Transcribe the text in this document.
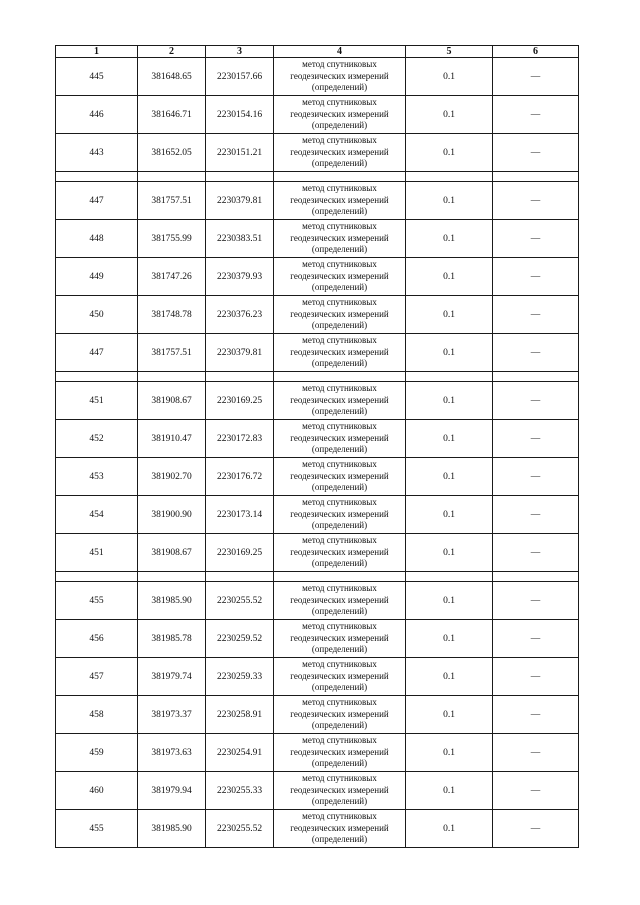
1	2	3	4	5	6
445	381648.65	2230157.66	метод спутниковых геодезических измерений (определений)	0.1	—
446	381646.71	2230154.16	метод спутниковых геодезических измерений (определений)	0.1	—
443	381652.05	2230151.21	метод спутниковых геодезических измерений (определений)	0.1	—

447	381757.51	2230379.81	метод спутниковых геодезических измерений (определений)	0.1	—
448	381755.99	2230383.51	метод спутниковых геодезических измерений (определений)	0.1	—
449	381747.26	2230379.93	метод спутниковых геодезических измерений (определений)	0.1	—
450	381748.78	2230376.23	метод спутниковых геодезических измерений (определений)	0.1	—
447	381757.51	2230379.81	метод спутниковых геодезических измерений (определений)	0.1	—

451	381908.67	2230169.25	метод спутниковых геодезических измерений (определений)	0.1	—
452	381910.47	2230172.83	метод спутниковых геодезических измерений (определений)	0.1	—
453	381902.70	2230176.72	метод спутниковых геодезических измерений (определений)	0.1	—
454	381900.90	2230173.14	метод спутниковых геодезических измерений (определений)	0.1	—
451	381908.67	2230169.25	метод спутниковых геодезических измерений (определений)	0.1	—

455	381985.90	2230255.52	метод спутниковых геодезических измерений (определений)	0.1	—
456	381985.78	2230259.52	метод спутниковых геодезических измерений (определений)	0.1	—
457	381979.74	2230259.33	метод спутниковых геодезических измерений (определений)	0.1	—
458	381973.37	2230258.91	метод спутниковых геодезических измерений (определений)	0.1	—
459	381973.63	2230254.91	метод спутниковых геодезических измерений (определений)	0.1	—
460	381979.94	2230255.33	метод спутниковых геодезических измерений (определений)	0.1	—
455	381985.90	2230255.52	метод спутниковых геодезических измерений (определений)	0.1	—
